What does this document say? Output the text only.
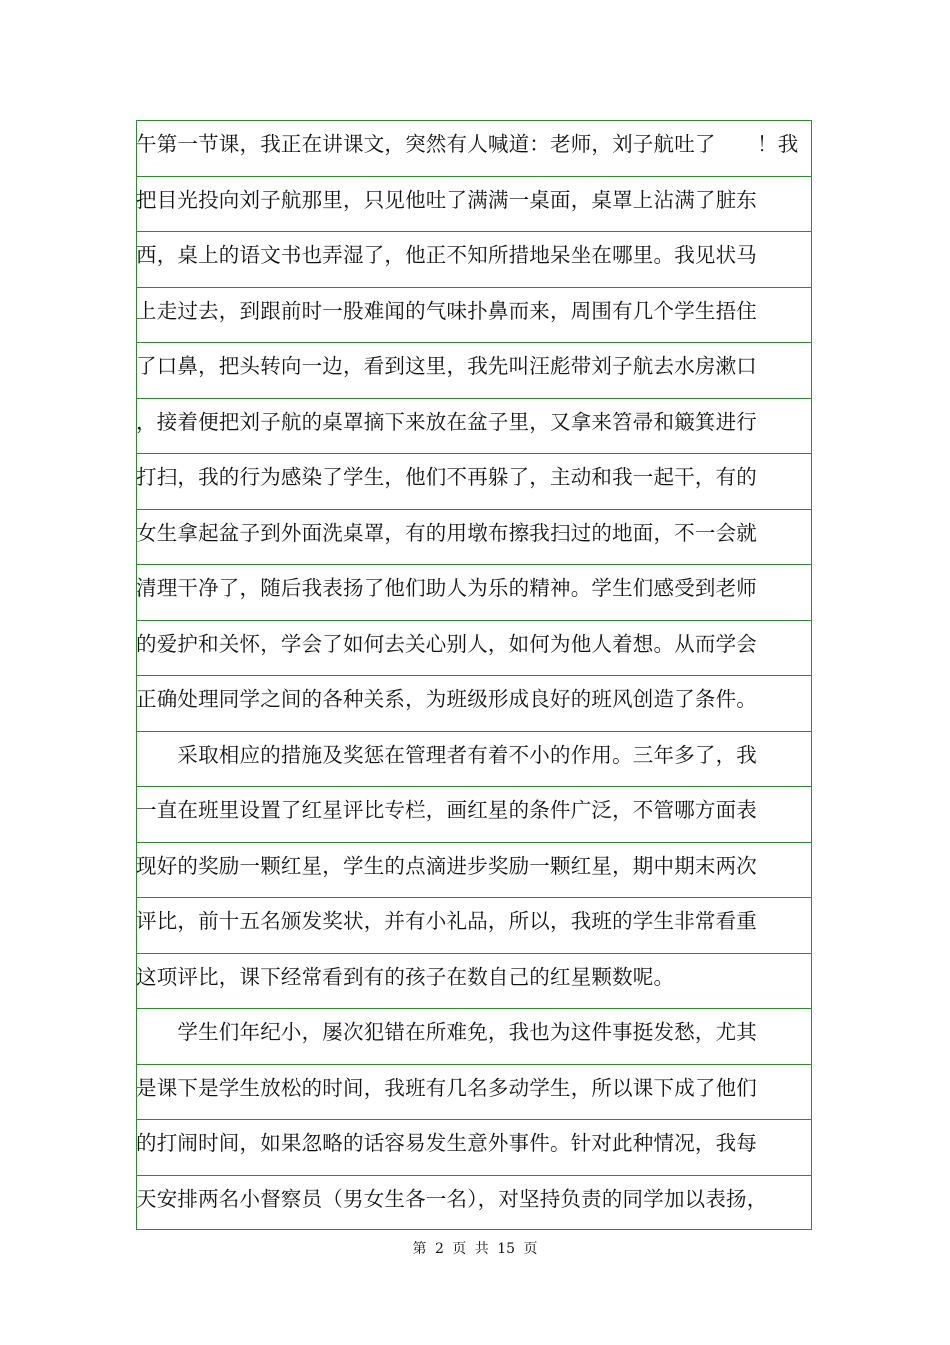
午第一节课，我正在讲课文，突然有人喊道：老师，刘子航吐了　　！我
把目光投向刘子航那里，只见他吐了满满一桌面，桌罩上沾满了脏东
西，桌上的语文书也弄湿了，他正不知所措地呆坐在哪里。我见状马
上走过去，到跟前时一股难闻的气味扑鼻而来，周围有几个学生捂住
了口鼻，把头转向一边，看到这里，我先叫汪彪带刘子航去水房漱口
，接着便把刘子航的桌罩摘下来放在盆子里，又拿来笤帚和簸箕进行
打扫，我的行为感染了学生，他们不再躲了，主动和我一起干，有的
女生拿起盆子到外面洗桌罩，有的用墩布擦我扫过的地面，不一会就
清理干净了，随后我表扬了他们助人为乐的精神。学生们感受到老师
的爱护和关怀，学会了如何去关心别人，如何为他人着想。从而学会
正确处理同学之间的各种关系，为班级形成良好的班风创造了条件。
　　采取相应的措施及奖惩在管理者有着不小的作用。三年多了，我
一直在班里设置了红星评比专栏，画红星的条件广泛，不管哪方面表
现好的奖励一颗红星，学生的点滴进步奖励一颗红星，期中期末两次
评比，前十五名颁发奖状，并有小礼品，所以，我班的学生非常看重
这项评比，课下经常看到有的孩子在数自己的红星颗数呢。
　　学生们年纪小，屡次犯错在所难免，我也为这件事挺发愁，尤其
是课下是学生放松的时间，我班有几名多动学生，所以课下成了他们
的打闹时间，如果忽略的话容易发生意外事件。针对此种情况，我每
天安排两名小督察员（男女生各一名），对坚持负责的同学加以表扬，
第 2 页 共 15 页
